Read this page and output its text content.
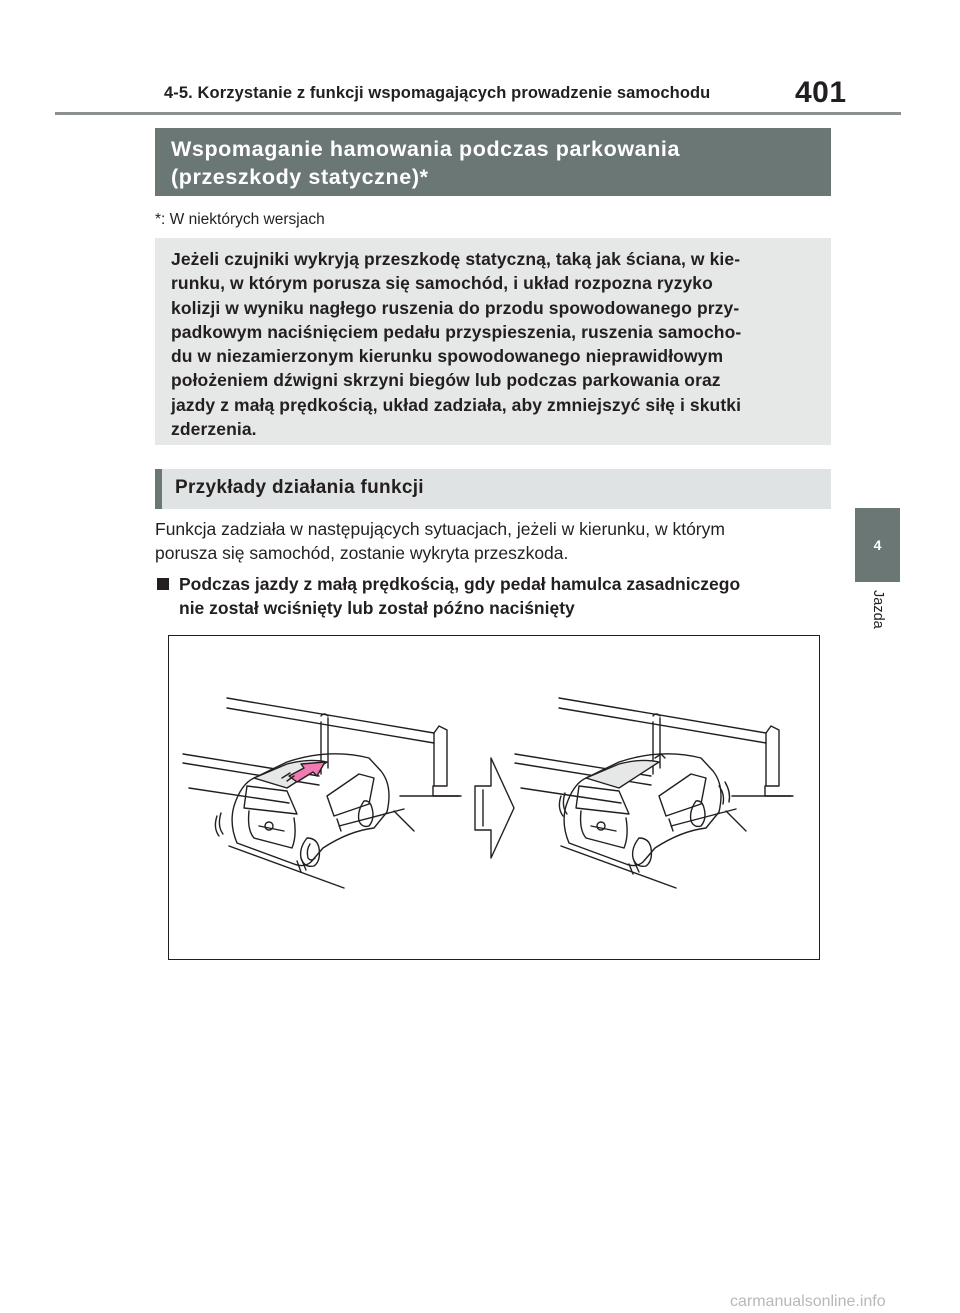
4-5. Korzystanie z funkcji wspomagających prowadzenie samochodu	401
Wspomaganie hamowania podczas parkowania
(przeszkody statyczne)*
*: W niektórych wersjach
Jeżeli czujniki wykryją przeszkodę statyczną, taką jak ściana, w kie-
runku, w którym porusza się samochód, i układ rozpozna ryzyko
kolizji w wyniku nagłego ruszenia do przodu spowodowanego przy-
padkowym naciśnięciem pedału przyspieszenia, ruszenia samocho-
du w niezamierzonym kierunku spowodowanego nieprawidłowym
położeniem dźwigni skrzyni biegów lub podczas parkowania oraz
jazdy z małą prędkością, układ zadziała, aby zmniejszyć siłę i skutki
zderzenia.
Przykłady działania funkcji
Funkcja zadziała w następujących sytuacjach, jeżeli w kierunku, w którym
porusza się samochód, zostanie wykryta przeszkoda.
Podczas jazdy z małą prędkością, gdy pedał hamulca zasadniczego
nie został wciśnięty lub został późno naciśnięty
4
Jazda
carmanualsonline.info
